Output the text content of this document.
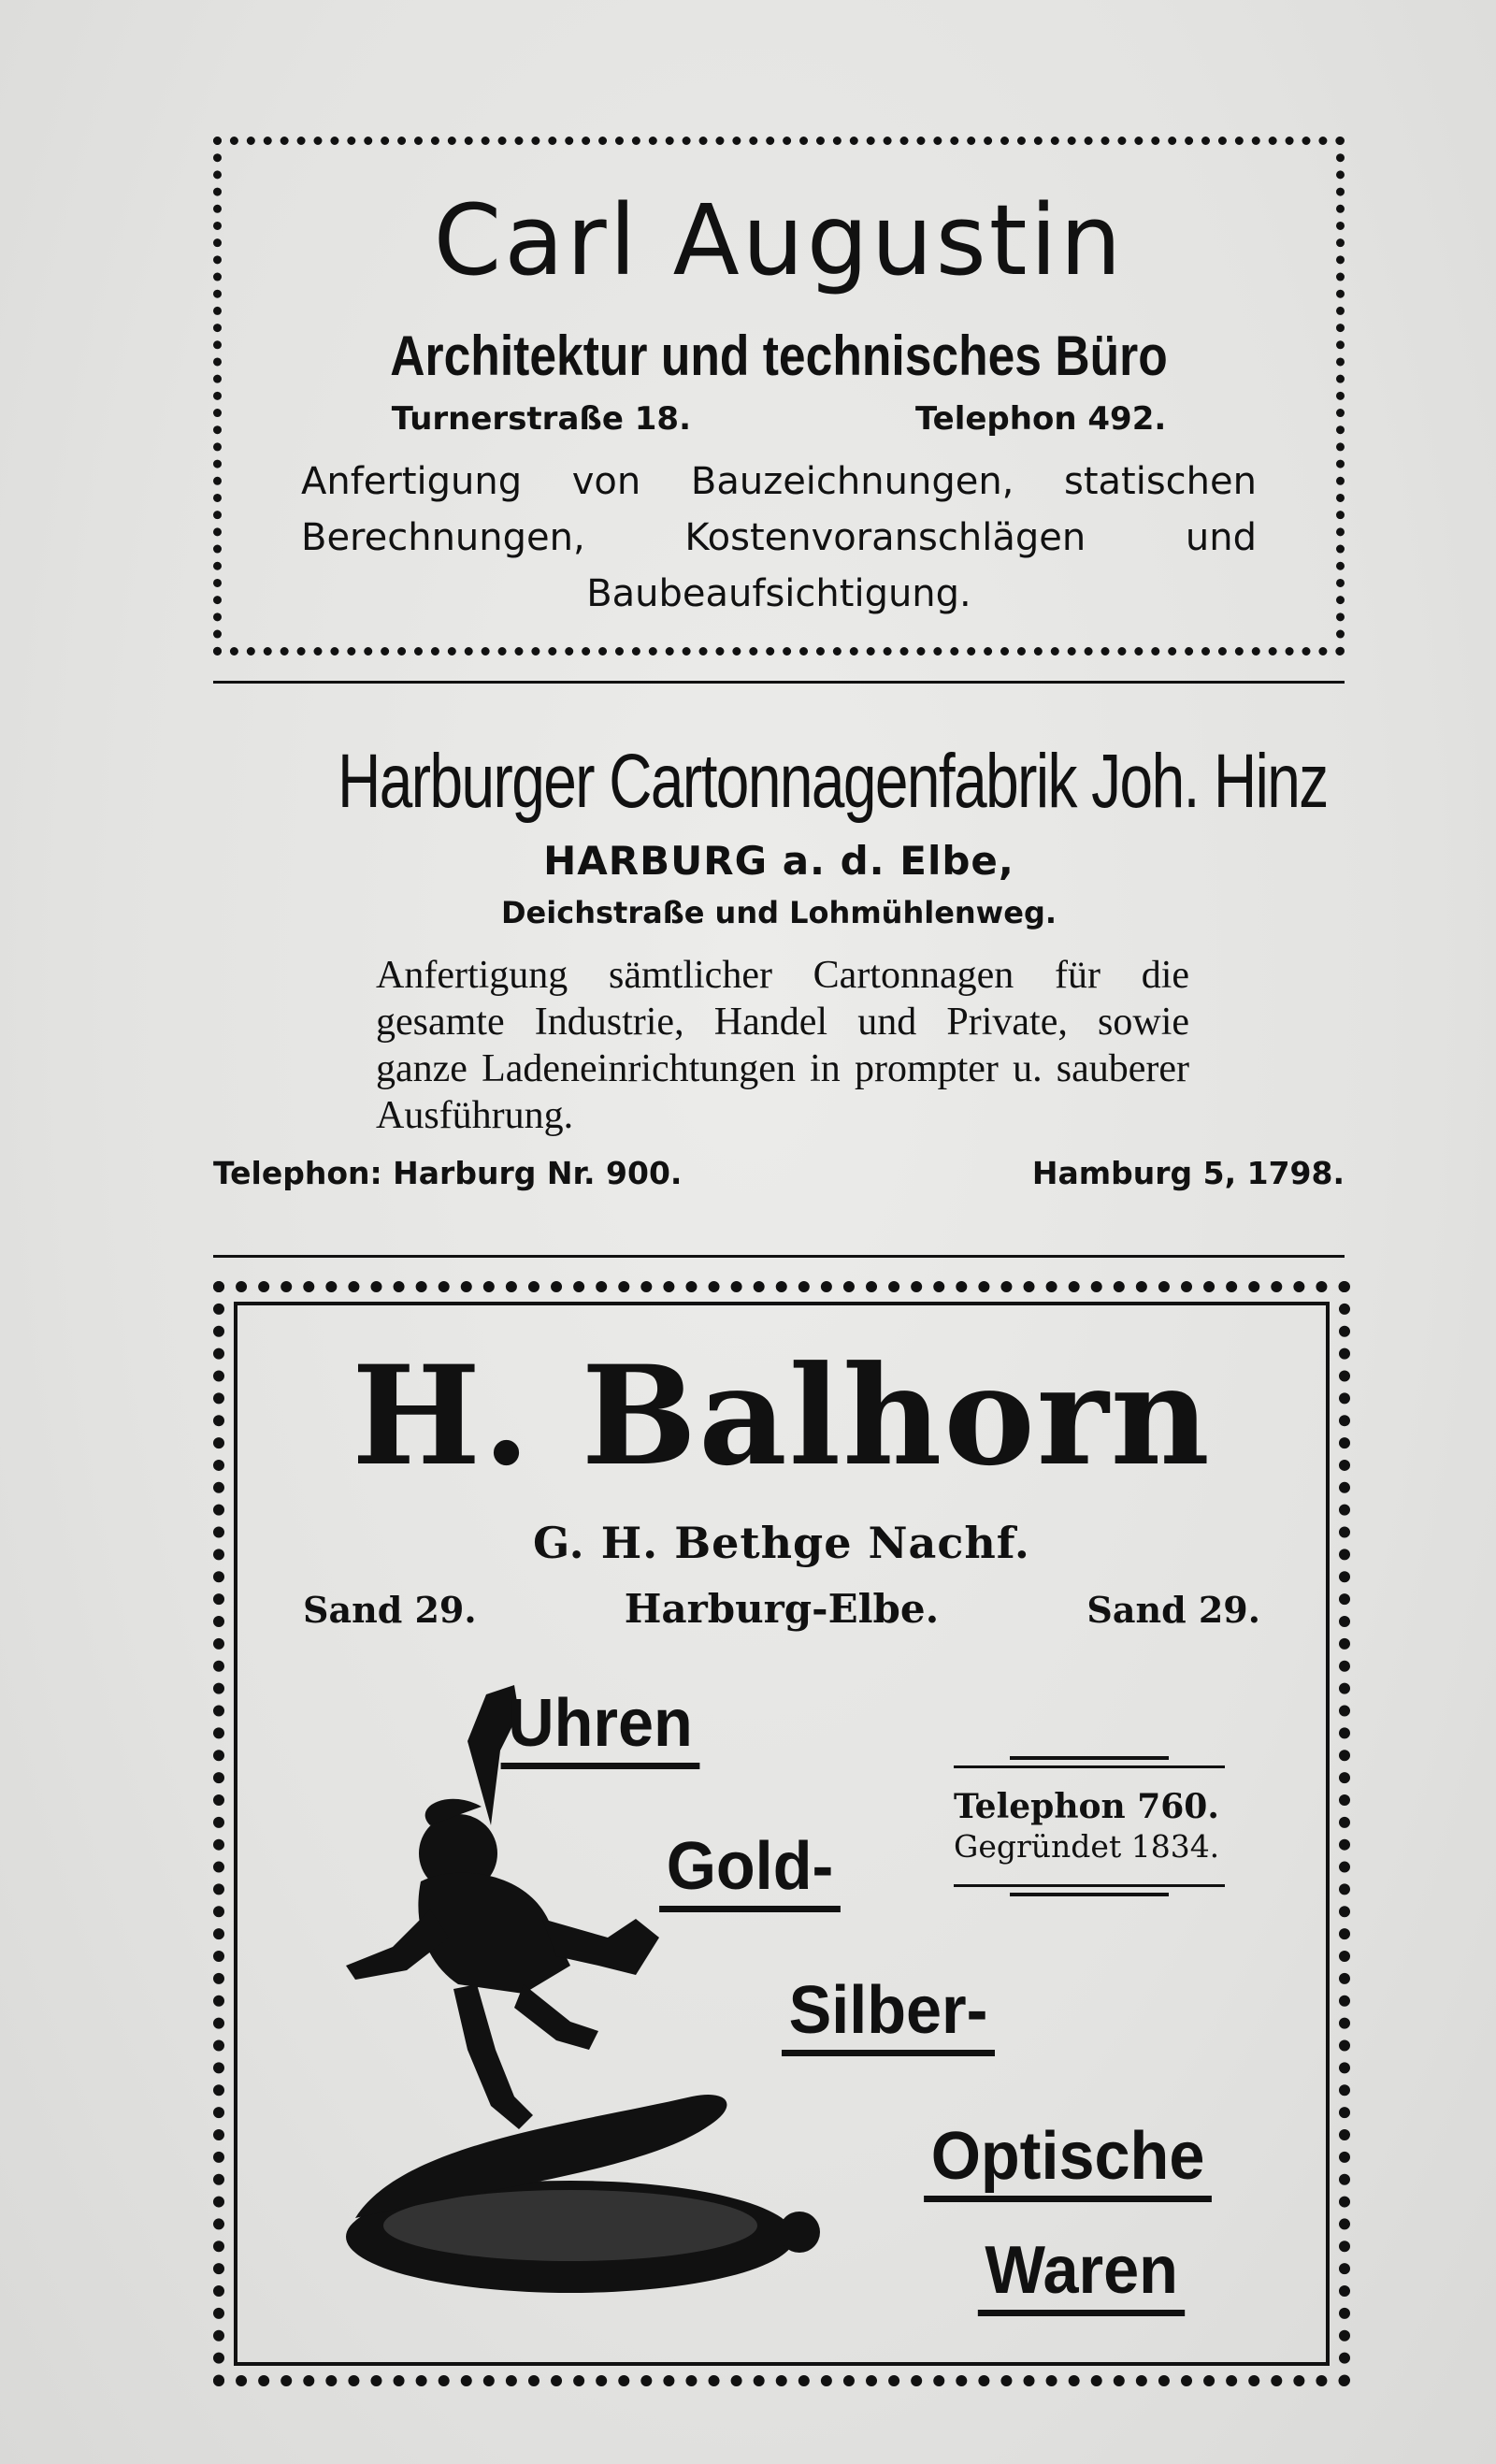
Carl Augustin
Architektur und technisches Büro
Turnerstraße 18.	Telephon 492.
Anfertigung von Bauzeichnungen, statischen Berechnungen, Kostenvoranschlägen und Baubeaufsichtigung.
Harburger Cartonnagenfabrik Joh. Hinz
HARBURG a. d. Elbe,
Deichstraße und Lohmühlenweg.
Anfertigung sämtlicher Cartonnagen für die gesamte Industrie, Handel und Private, sowie ganze Ladeneinrichtungen in prompter u. sauberer Ausführung.
Telephon: Harburg Nr. 900.	Hamburg 5, 1798.
H. Balhorn
G. H. Bethge Nachf.
Sand 29.	Harburg-Elbe.	Sand 29.
Uhren
Gold-
Silber-
Optische
Waren
Telephon 760.
Gegründet 1834.
